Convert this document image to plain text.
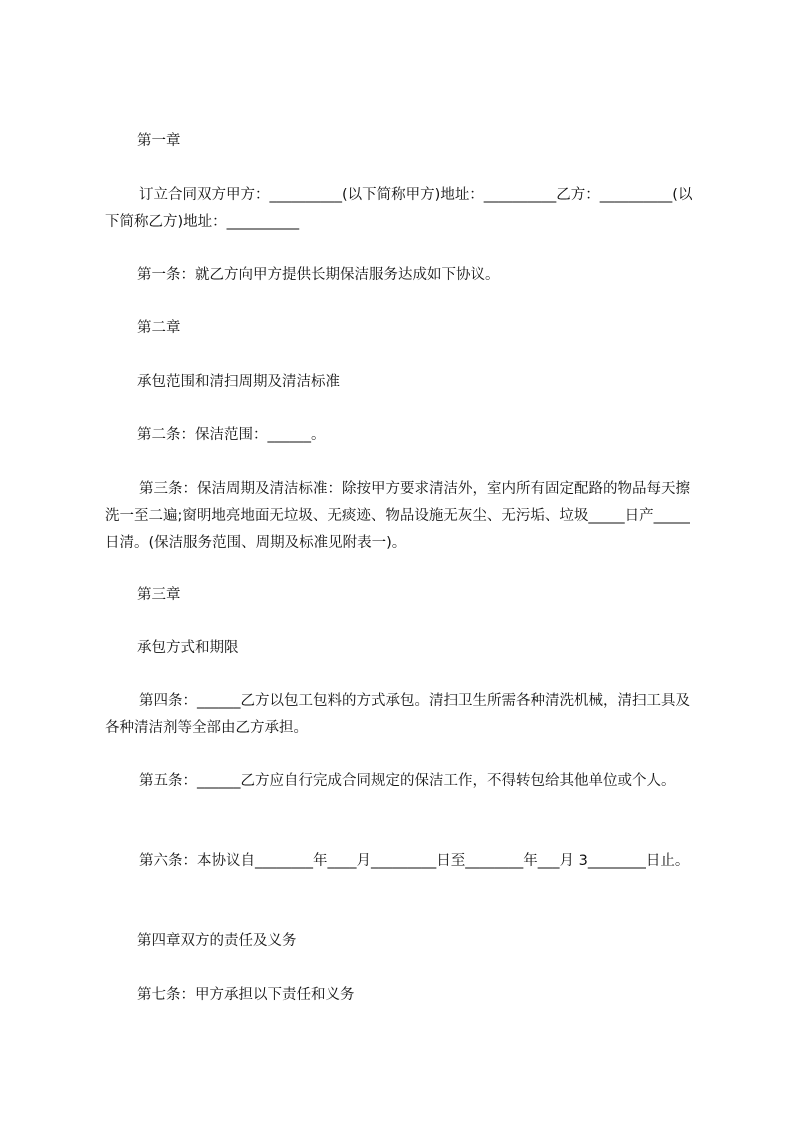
第一章

订立合同双方甲方：__________(以下简称甲方)地址：__________乙方：__________(以下简称乙方)地址：__________

第一条：就乙方向甲方提供长期保洁服务达成如下协议。

第二章

承包范围和清扫周期及清洁标准

第二条：保洁范围：______。

第三条：保洁周期及清洁标准：除按甲方要求清洁外，室内所有固定配路的物品每天擦洗一至二遍;窗明地亮地面无垃圾、无痰迹、物品设施无灰尘、无污垢、垃圾_____日产_____日清。(保洁服务范围、周期及标准见附表一)。

第三章

承包方式和期限

第四条：______乙方以包工包料的方式承包。清扫卫生所需各种清洗机械，清扫工具及各种清洁剂等全部由乙方承担。

第五条：______乙方应自行完成合同规定的保洁工作，不得转包给其他单位或个人。

第六条：本协议自________年____月_________日至________年___月 3________日止。

第四章双方的责任及义务

第七条：甲方承担以下责任和义务
